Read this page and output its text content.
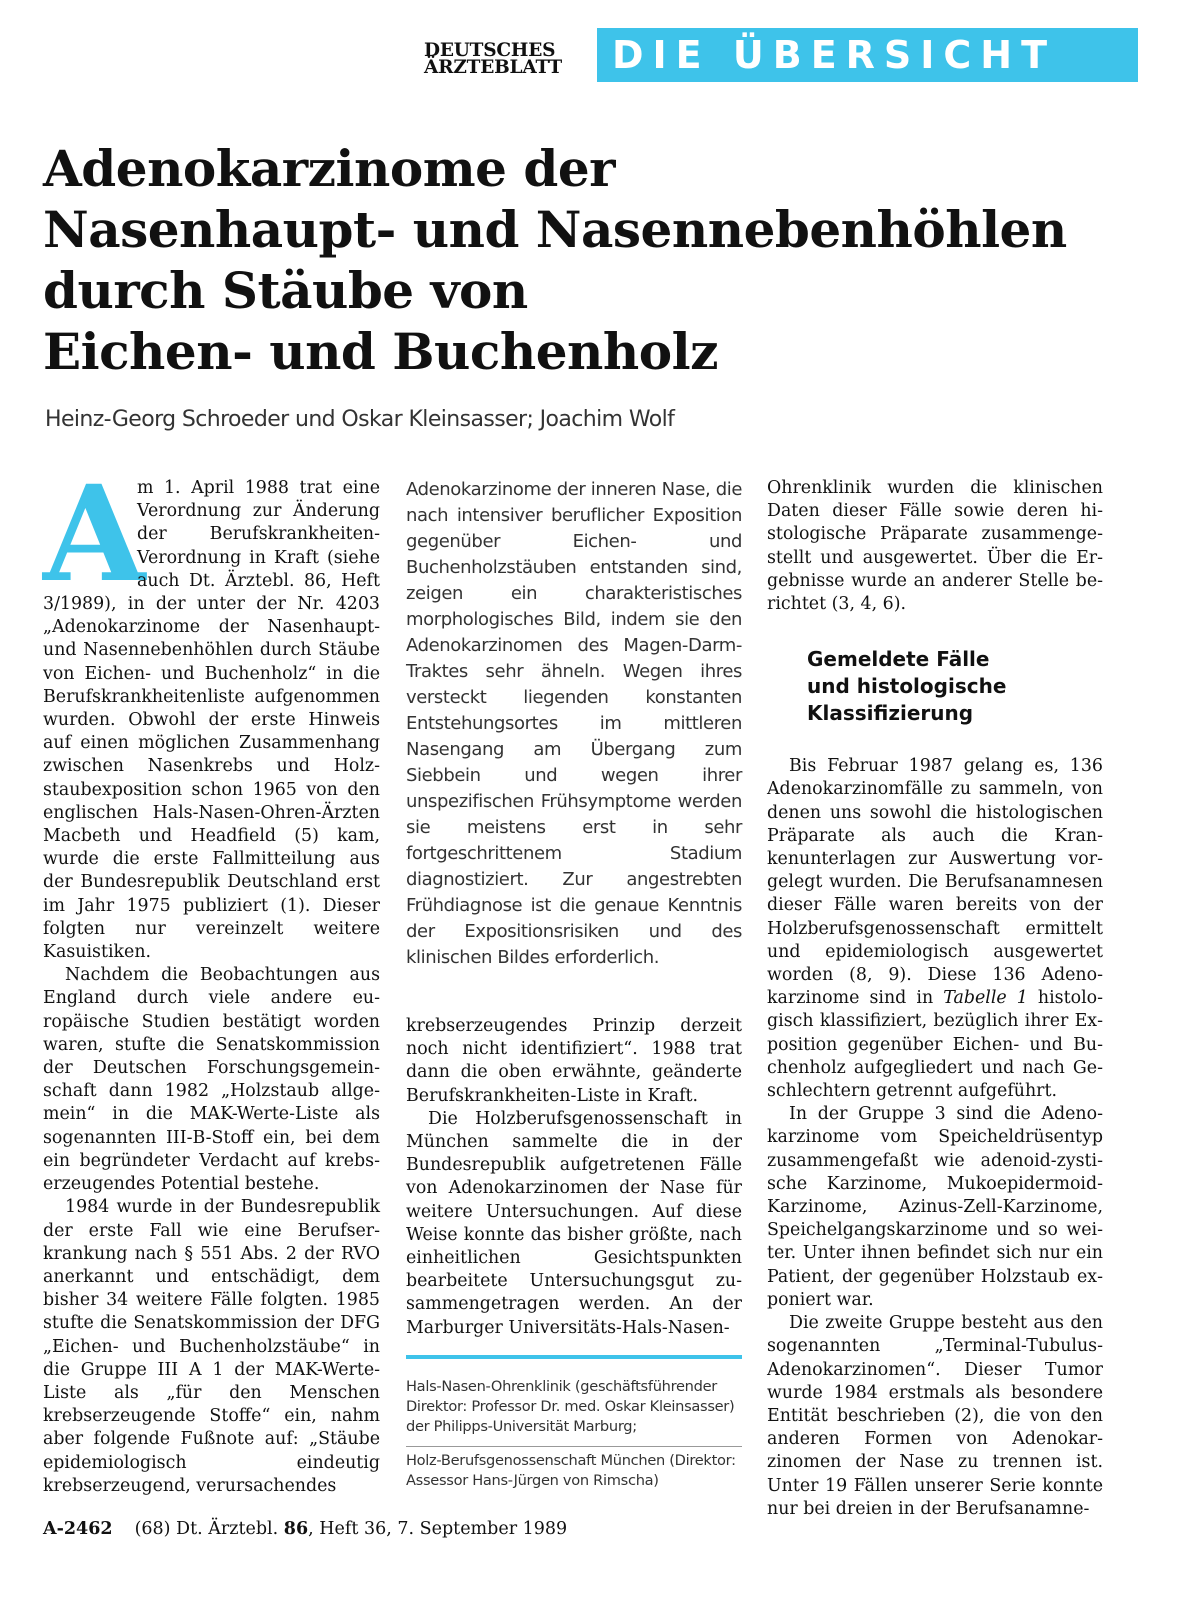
DEUTSCHES
ÄRZTEBLATT	DIE ÜBERSICHT
Adenokarzinome der
Nasenhaupt- und Nasennebenhöhlen
durch Stäube von
Eichen- und Buchenholz
Heinz-Georg Schroeder und Oskar Kleinsasser; Joachim Wolf
A

m 1. April 1988 trat eine Verordnung zur Änderung der Berufskrankheiten-Verordnung in Kraft (siehe auch Dt. Ärztebl. 86, Heft 3/1989), in der unter der Nr. 4203 „Adenokarzinome der Nasenhaupt- und Nasennebenhöhlen durch Stäube von Eichen- und Buchenholz“ in die Berufskrankheitenliste aufgenommen wurden. Obwohl der erste Hinweis auf einen möglichen Zusammenhang zwischen Nasenkrebs und Holzstaubexposition schon 1965 von den englischen Hals-Nasen-Ohren-Ärzten Macbeth und Headfield (5) kam, wurde die erste Fallmitteilung aus der Bundesrepublik Deutschland erst im Jahr 1975 publiziert (1). Dieser folgten nur vereinzelt weitere Kasuistiken.

Nachdem die Beobachtungen aus England durch viele andere europäische Studien bestätigt worden waren, stufte die Senatskommission der Deutschen Forschungsgemeinschaft dann 1982 „Holzstaub allgemein“ in die MAK-Werte-Liste als sogenannten III-B-Stoff ein, bei dem ein begründeter Verdacht auf krebserzeugendes Potential bestehe.

1984 wurde in der Bundesrepublik der erste Fall wie eine Berufserkrankung nach § 551 Abs. 2 der RVO anerkannt und entschädigt, dem bisher 34 weitere Fälle folgten. 1985 stufte die Senatskommission der DFG „Eichen- und Buchenholzstäube“ in die Gruppe III A 1 der MAK-Werte-Liste als „für den Menschen krebserzeugende Stoffe“ ein, nahm aber folgende Fußnote auf: „Stäube epidemiologisch eindeutig krebserzeugend, verursachendes

Adenokarzinome der inneren Nase, die nach intensiver beruflicher Exposition gegenüber Eichen- und Buchenholzstäuben entstanden sind, zeigen ein charakteristisches morphologisches Bild, indem sie den Adenokarzinomen des Magen-Darm-Traktes sehr ähneln. Wegen ihres versteckt liegenden konstanten Entstehungsortes im mittleren Nasengang am Übergang zum Siebbein und wegen ihrer unspezifischen Frühsymptome werden sie meistens erst in sehr fortgeschrittenem Stadium diagnostiziert. Zur angestrebten Frühdiagnose ist die genaue Kenntnis der Expositionsrisiken und des klinischen Bildes erforderlich.

krebserzeugendes Prinzip derzeit noch nicht identifiziert“. 1988 trat dann die oben erwähnte, geänderte Berufskrankheiten-Liste in Kraft.

Die Holzberufsgenossenschaft in München sammelte die in der Bundesrepublik aufgetretenen Fälle von Adenokarzinomen der Nase für weitere Untersuchungen. Auf diese Weise konnte das bisher größte, nach einheitlichen Gesichtspunkten bearbeitete Untersuchungsgut zusammengetragen werden. An der Marburger Universitäts-Hals-Nasen-

Hals-Nasen-Ohrenklinik (geschäftsführender Direktor: Professor Dr. med. Oskar Kleinsasser) der Philipps-Universität Marburg;
Holz-Berufsgenossenschaft München (Direktor: Assessor Hans-Jürgen von Rimscha)

Ohrenklinik wurden die klinischen Daten dieser Fälle sowie deren histologische Präparate zusammengestellt und ausgewertet. Über die Ergebnisse wurde an anderer Stelle berichtet (3, 4, 6).

Gemeldete Fälle
und histologische
Klassifizierung

Bis Februar 1987 gelang es, 136 Adenokarzinomfälle zu sammeln, von denen uns sowohl die histologischen Präparate als auch die Krankenunterlagen zur Auswertung vorgelegt wurden. Die Berufsanamnesen dieser Fälle waren bereits von der Holzberufsgenossenschaft ermittelt und epidemiologisch ausgewertet worden (8, 9). Diese 136 Adenokarzinome sind in Tabelle 1 histologisch klassifiziert, bezüglich ihrer Exposition gegenüber Eichen- und Buchenholz aufgegliedert und nach Geschlechtern getrennt aufgeführt.

In der Gruppe 3 sind die Adenokarzinome vom Speicheldrüsentyp zusammengefaßt wie adenoid-zystische Karzinome, Mukoepidermoid-Karzinome, Azinus-Zell-Karzinome, Speichelgangskarzinome und so weiter. Unter ihnen befindet sich nur ein Patient, der gegenüber Holzstaub exponiert war.

Die zweite Gruppe besteht aus den sogenannten „Terminal-Tubulus-Adenokarzinomen“. Dieser Tumor wurde 1984 erstmals als besondere Entität beschrieben (2), die von den anderen Formen von Adenokarzinomen der Nase zu trennen ist. Unter 19 Fällen unserer Serie konnte nur bei dreien in der Berufsanamne-

A-2462 (68) Dt. Ärztebl. 86, Heft 36, 7. September 1989
